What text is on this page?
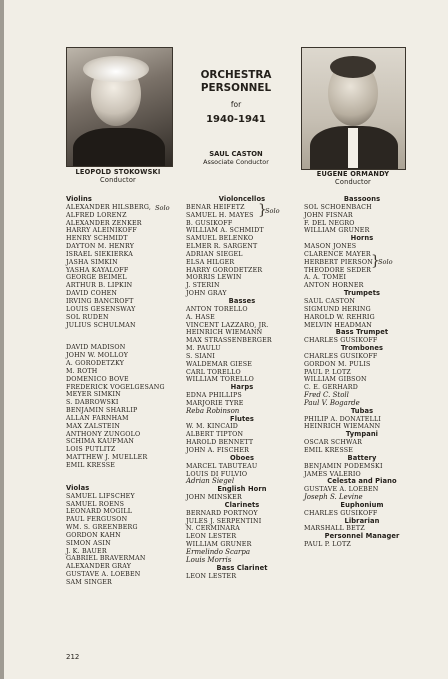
LEOPOLD STOKOWSKI
Conductor
EUGENE ORMANDY
Conductor
ORCHESTRA
PERSONNEL
for
1940-1941
SAUL CASTON
Associate Conductor
Violins
ALEXANDER HILSBERG,
ALFRED LORENZ
ALEXANDER ZENKER
HARRY ALEINIKOFF
HENRY SCHMIDT
DAYTON M. HENRY
ISRAEL SIEKIERKA
JASHA SIMKIN
YASHA KAYALOFF
GEORGE BEIMEL
ARTHUR B. LIPKIN
DAVID COHEN
IRVING BANCROFT
LOUIS GESENSWAY
SOL RUDEN
JULIUS SCHULMAN
DAVID MADISON
JOHN W. MOLLOY
A. GORODETZKY
M. ROTH
DOMENICO BOVE
FREDERICK VOGELGESANG
MEYER SIMKIN
S. DABROWSKI
BENJAMIN SHARLIP
ALLAN FARNHAM
MAX ZALSTEIN
ANTHONY ZUNGOLO
SCHIMA KAUFMAN
LOIS PUTLITZ
MATTHEW J. MUELLER
EMIL KRESSE
Violas
SAMUEL LIFSCHEY
SAMUEL ROENS
LEONARD MOGILL
PAUL FERGUSON
WM. S. GREENBERG
GORDON KAHN
SIMON ASIN
J. K. BAUER
GABRIEL BRAVERMAN
ALEXANDER GRAY
GUSTAVE A. LOEBEN
SAM SINGER
Violoncellos
BENAR HEIFETZ
SAMUEL H. MAYES
B. GUSIKOFF
WILLIAM A. SCHMIDT
SAMUEL BELENKO
ELMER R. SARGENT
ADRIAN SIEGEL
ELSA HILGER
HARRY GORODETZER
MORRIS LEWIN
J. STERIN
JOHN GRAY
Basses
ANTON TORELLO
A. HASE
VINCENT LAZZARO, JR.
HEINRICH WIEMANN
MAX STRASSENBERGER
M. PAULU
S. SIANI
WALDEMAR GIESE
CARL TORELLO
WILLIAM TORELLO
Harps
EDNA PHILLIPS
MARJORIE TYRE
Reba Robinson
Flutes
W. M. KINCAID
ALBERT TIPTON
HAROLD BENNETT
JOHN A. FISCHER
Oboes
MARCEL TABUTEAU
LOUIS DI FULVIO
Adrian Siegel
English Horn
JOHN MINSKER
Clarinets
BERNARD PORTNOY
JULES J. SERPENTINI
N. CERMINARA
LEON LESTER
WILLIAM GRUNER
Ermelindo Scarpa
Louis Morris
Bass Clarinet
LEON LESTER
Bassoons
SOL SCHOENBACH
JOHN FISNAR
F. DEL NEGRO
WILLIAM GRUNER
Horns
MASON JONES
CLARENCE MAYER
HERBERT PIERSON
THEODORE SEDER
A. A. TOMEI
ANTON HORNER
Trumpets
SAUL CASTON
SIGMUND HERING
HAROLD W. REHRIG
MELVIN HEADMAN
Bass Trumpet
CHARLES GUSIKOFF
Trombones
CHARLES GUSIKOFF
GORDON M. PULIS
PAUL P. LOTZ
WILLIAM GIBSON
C. E. GERHARD
Fred C. Stoll
Paul V. Bogarde
Tubas
PHILIP A. DONATELLI
HEINRICH WIEMANN
Tympani
OSCAR SCHWAR
EMIL KRESSE
Battery
BENJAMIN PODEMSKI
JAMES VALERIO
Celesta and Piano
GUSTAVE A. LOEBEN
Joseph S. Levine
Euphonium
CHARLES GUSIKOFF
Librarian
MARSHALL BETZ
Personnel Manager
PAUL P. LOTZ
Solo	}
Solo
}
Solo
212
